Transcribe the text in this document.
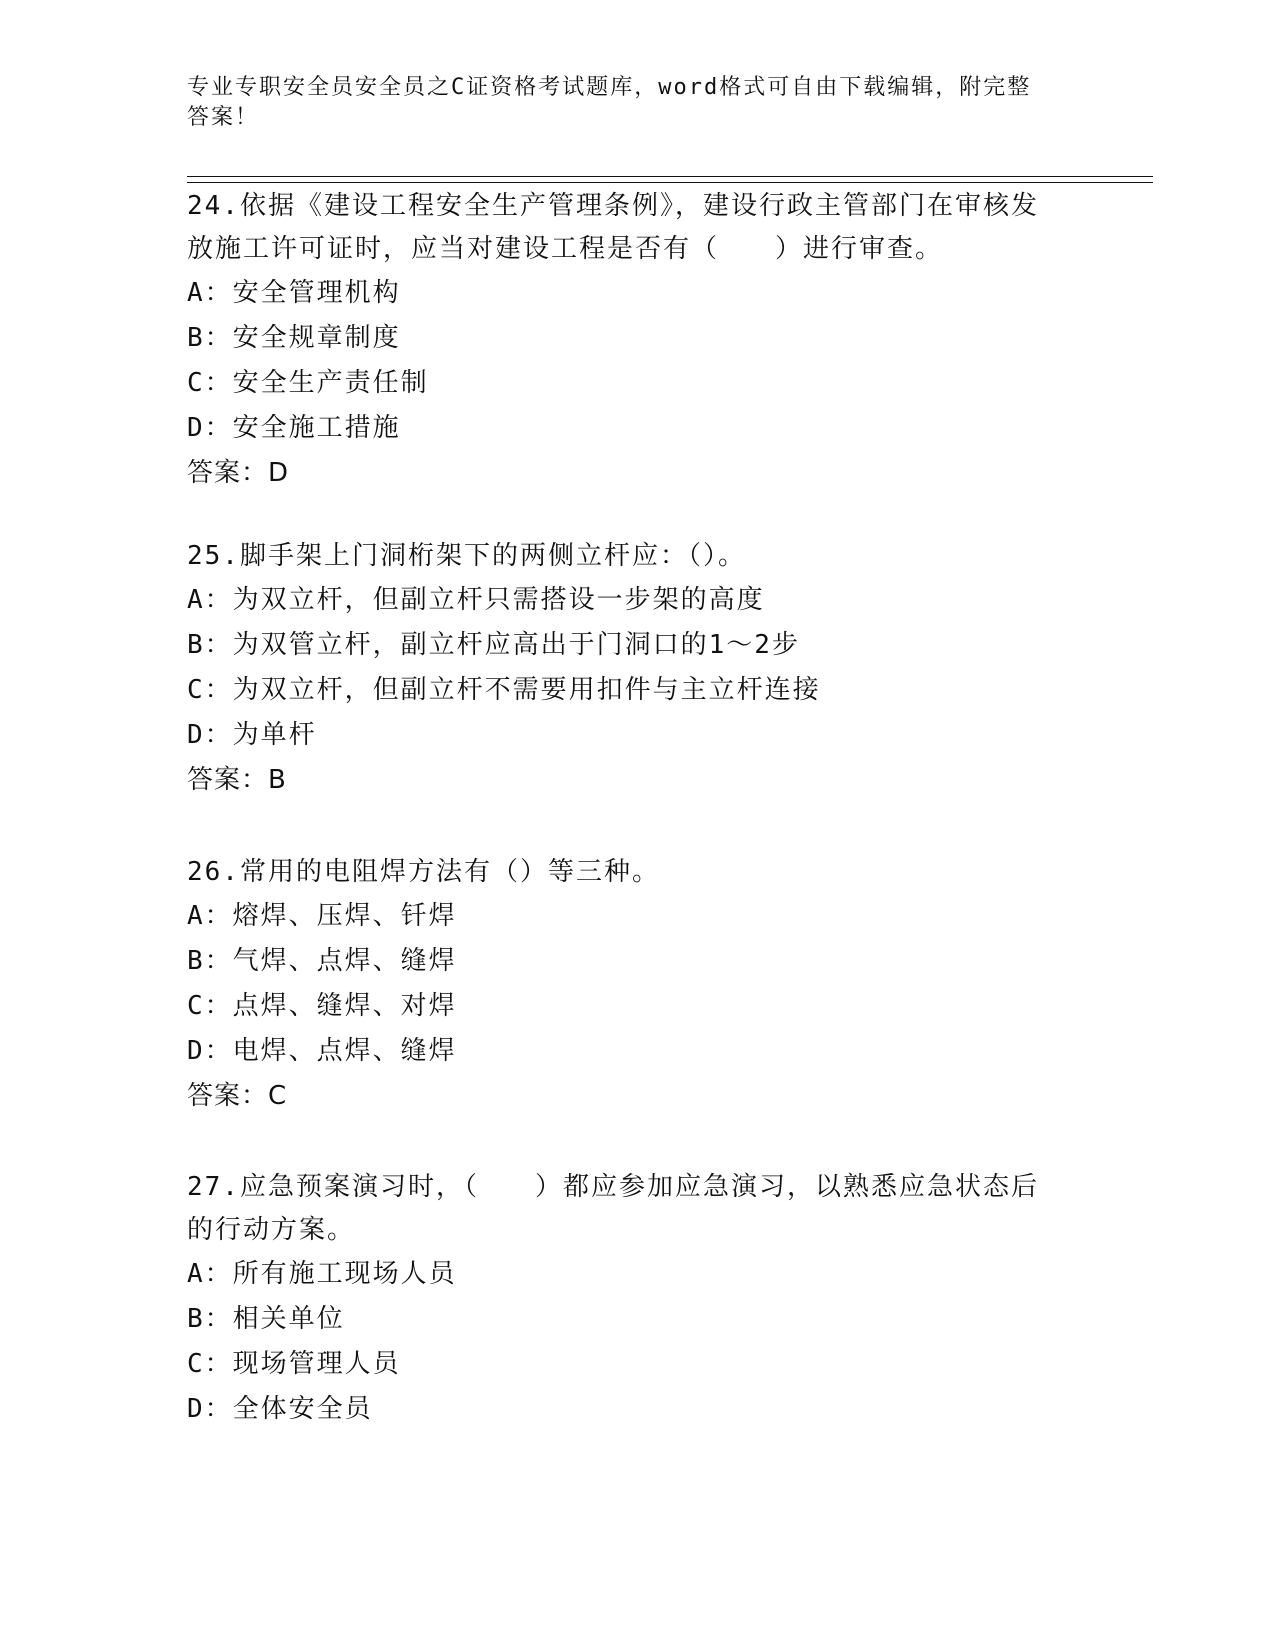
专业专职安全员安全员之C证资格考试题库，word格式可自由下载编辑，附完整
答案！
24.依据《建设工程安全生产管理条例》，建设行政主管部门在审核发
放施工许可证时，应当对建设工程是否有（　　）进行审查。
A：安全管理机构
B：安全规章制度
C：安全生产责任制
D：安全施工措施
答案：D
25.脚手架上门洞桁架下的两侧立杆应：（）。
A：为双立杆，但副立杆只需搭设一步架的高度
B：为双管立杆，副立杆应高出于门洞口的1～2步
C：为双立杆，但副立杆不需要用扣件与主立杆连接
D：为单杆
答案：B
26.常用的电阻焊方法有（）等三种。
A：熔焊、压焊、钎焊
B：气焊、点焊、缝焊
C：点焊、缝焊、对焊
D：电焊、点焊、缝焊
答案：C
27.应急预案演习时，（　　）都应参加应急演习，以熟悉应急状态后
的行动方案。
A：所有施工现场人员
B：相关单位
C：现场管理人员
D：全体安全员
